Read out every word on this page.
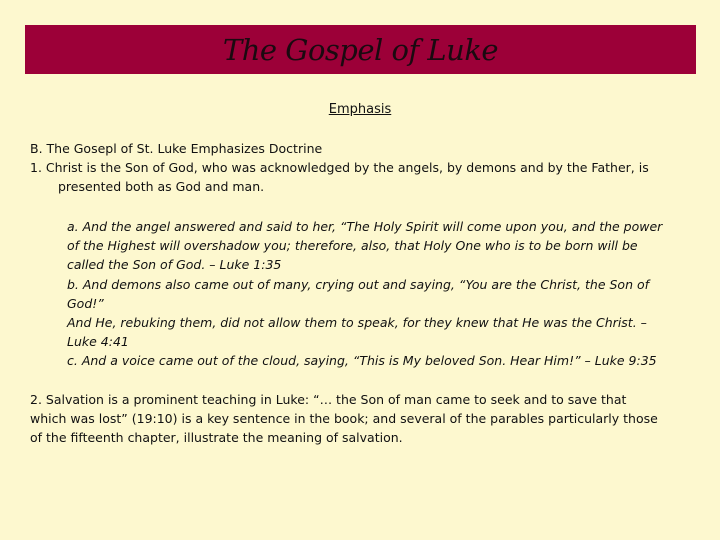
The Gospel of Luke
Emphasis
B. The Gosepl of St. Luke Emphasizes Doctrine
1. Christ is the Son of God, who was acknowledged by the angels, by demons and by the Father, is
presented both as God and man.
a. And the angel answered and said to her, “The Holy Spirit will come upon you, and the power
of the Highest will overshadow you; therefore, also, that Holy One who is to be born will be
called the Son of God. – Luke 1:35
b. And demons also came out of many, crying out and saying, “You are the Christ, the Son of
God!”
And He, rebuking them, did not allow them to speak, for they knew that He was the Christ. –
Luke 4:41
c. And a voice came out of the cloud, saying, “This is My beloved Son. Hear Him!” – Luke 9:35
2. Salvation is a prominent teaching in Luke: “… the Son of man came to seek and to save that
which was lost” (19:10) is a key sentence in the book; and several of the parables particularly those
of the fifteenth chapter, illustrate the meaning of salvation.
